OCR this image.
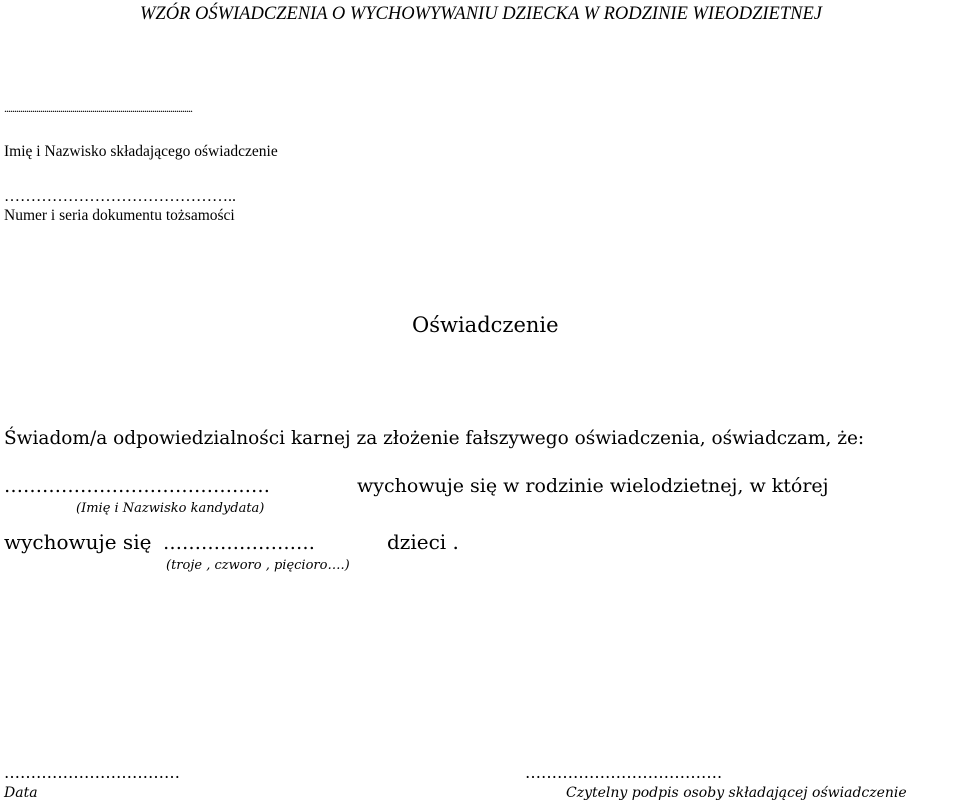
WZÓR OŚWIADCZENIA O WYCHOWYWANIU DZIECKA W RODZINIE WIEODZIETNEJ
..............................................................................................
Imię i Nazwisko składającego oświadczenie
……………………………………..
Numer i seria dokumentu tożsamości
Oświadczenie
Świadom/a odpowiedzialności karnej za złożenie fałszywego oświadczenia, oświadczam, że:
……………………………………	wychowuje się w rodzinie wielodzietnej, w której
(Imię i Nazwisko kandydata)
wychowuje się ……………………	dzieci .
(troje , czworo , pięcioro….)
……………………………	……………………………….
Data	Czytelny podpis osoby składającej oświadczenie
